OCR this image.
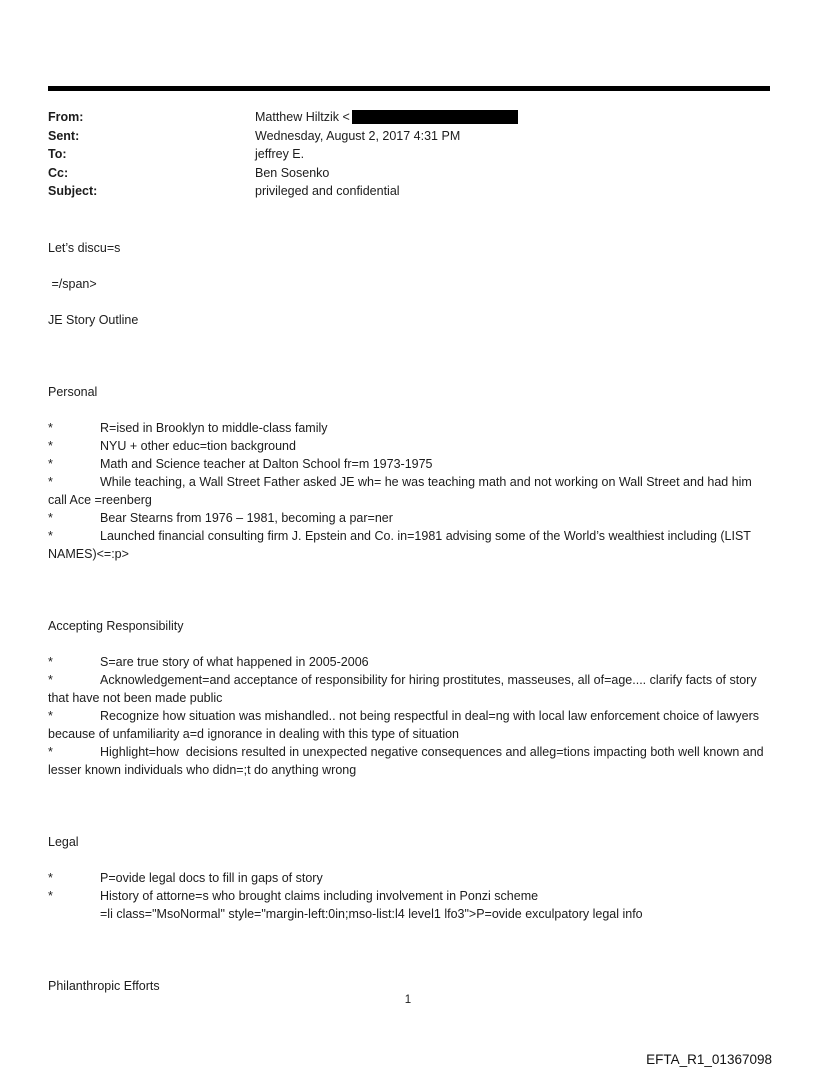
From:	Matthew Hiltzik <
Sent:	Wednesday, August 2, 2017 4:31 PM
To:	jeffrey E.
Cc:	Ben Sosenko
Subject:	privileged and confidential

Let’s discu=s

=/span>

JE Story Outline

Personal

*	R=ised in Brooklyn to middle-class family

*	NYU + other educ=tion background

*	Math and Science teacher at Dalton School fr=m 1973-1975

*	While teaching, a Wall Street Father asked JE wh= he was teaching math and not working on Wall Street and had him call Ace =reenberg

*	Bear Stearns from 1976 – 1981, becoming a par=ner

*	Launched financial consulting firm J. Epstein and Co. in=1981 advising some of the World’s wealthiest including (LIST NAMES)<=:p>

Accepting Responsibility

*	S=are true story of what happened in 2005-2006

*	Acknowledgement=and acceptance of responsibility for hiring prostitutes, masseuses, all of=age.... clarify facts of story that have not been made public

*	Recognize how situation was mishandled.. not being respectful in deal=ng with local law enforcement choice of lawyers because of unfamiliarity a=d ignorance in dealing with this type of situation

*	Highlight=how  decisions resulted in unexpected negative consequences and alleg=tions impacting both well known and lesser known individuals who didn=;t do anything wrong

Legal

*	P=ovide legal docs to fill in gaps of story

*	History of attorne=s who brought claims including involvement in Ponzi scheme

=li class="MsoNormal" style="margin-left:0in;mso-list:l4 level1 lfo3">P=ovide exculpatory legal info

Philanthropic Efforts

1
EFTA_R1_01367098
